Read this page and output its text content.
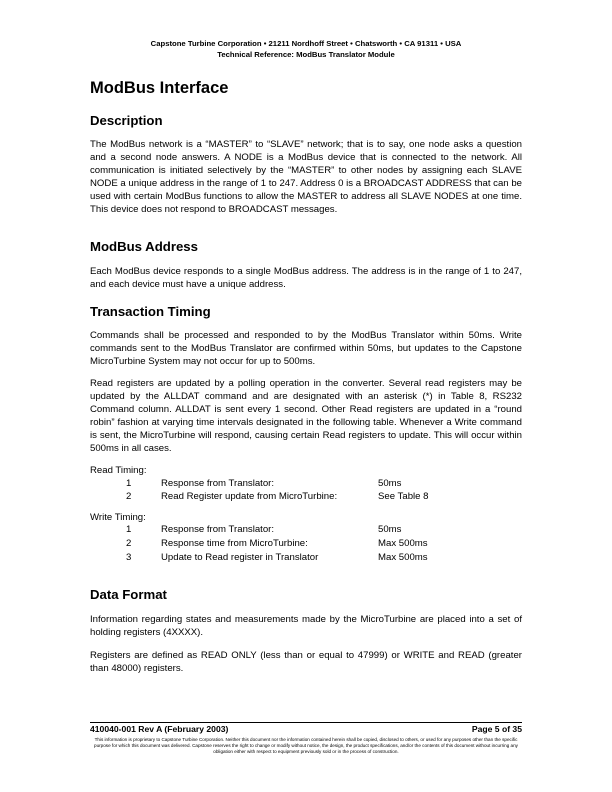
Capstone Turbine Corporation • 21211 Nordhoff Street • Chatsworth • CA 91311 • USA
Technical Reference: ModBus Translator Module
ModBus Interface
Description

The ModBus network is a “MASTER” to “SLAVE” network; that is to say, one node asks a question and a second node answers. A NODE is a ModBus device that is connected to the network. All communication is initiated selectively by the “MASTER” to other nodes by assigning each SLAVE NODE a unique address in the range of 1 to 247. Address 0 is a BROADCAST ADDRESS that can be used with certain ModBus functions to allow the MASTER to address all SLAVE NODES at one time. This device does not respond to BROADCAST messages.

ModBus Address

Each ModBus device responds to a single ModBus address. The address is in the range of 1 to 247, and each device must have a unique address.

Transaction Timing

Commands shall be processed and responded to by the ModBus Translator within 50ms. Write commands sent to the ModBus Translator are confirmed within 50ms, but updates to the Capstone MicroTurbine System may not occur for up to 500ms.

Read registers are updated by a polling operation in the converter. Several read registers may be updated by the ALLDAT command and are designated with an asterisk (*) in Table 8, RS232 Command column. ALLDAT is sent every 1 second. Other Read registers are updated in a “round robin” fashion at varying time intervals designated in the following table. Whenever a Write command is sent, the MicroTurbine will respond, causing certain Read registers to update. This will occur within 500ms in all cases.

Read Timing:
1	Response from Translator:	50ms
2	Read Register update from MicroTurbine:	See Table 8
Write Timing:
1	Response from Translator:	50ms
2	Response time from MicroTurbine:	Max 500ms
3	Update to Read register in Translator	Max 500ms
Data Format

Information regarding states and measurements made by the MicroTurbine are placed into a set of holding registers (4XXXX).

Registers are defined as READ ONLY (less than or equal to 47999) or WRITE and READ (greater than 48000) registers.

410040-001 Rev A (February 2003)	Page 5 of 35
This information is proprietary to Capstone Turbine Corporation. Neither this document nor the information contained herein shall be copied, disclosed to others, or used for any purposes other than the specific purpose for which this document was delivered. Capstone reserves the right to change or modify without notice, the design, the product specifications, and/or the contents of this document without incurring any obligation either with respect to equipment previously sold or in the process of construction.
